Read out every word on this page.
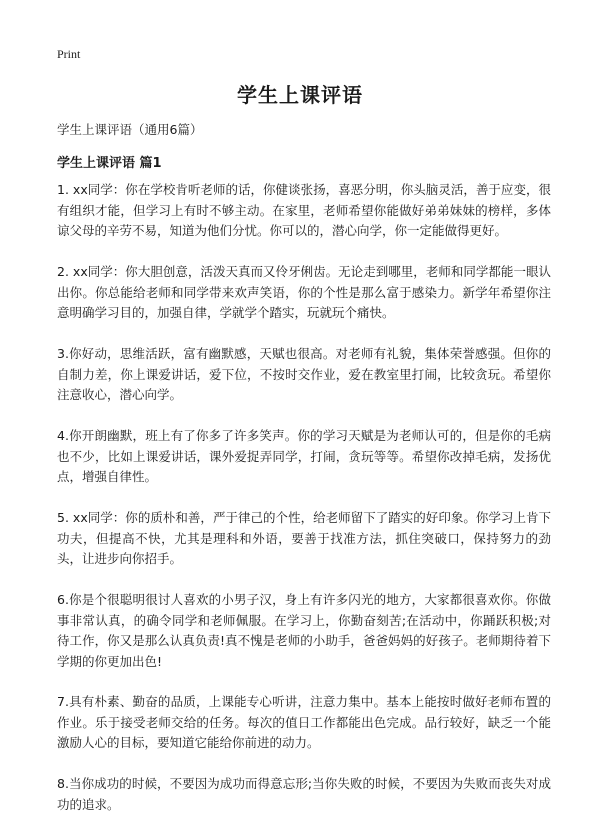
Print
学生上课评语
学生上课评语（通用6篇）
学生上课评语 篇1

1. xx同学：你在学校肯听老师的话，你健谈张扬，喜恶分明，你头脑灵活，善于应变，很有组织才能，但学习上有时不够主动。在家里，老师希望你能做好弟弟妹妹的榜样，多体谅父母的辛劳不易，知道为他们分忧。你可以的，潜心向学，你一定能做得更好。

2. xx同学：你大胆创意，活泼天真而又伶牙俐齿。无论走到哪里，老师和同学都能一眼认出你。你总能给老师和同学带来欢声笑语，你的个性是那么富于感染力。新学年希望你注意明确学习目的，加强自律，学就学个踏实，玩就玩个痛快。

3.你好动，思维活跃，富有幽默感，天赋也很高。对老师有礼貌，集体荣誉感强。但你的自制力差，你上课爱讲话，爱下位，不按时交作业，爱在教室里打闹，比较贪玩。希望你注意收心，潜心向学。

4.你开朗幽默，班上有了你多了许多笑声。你的学习天赋是为老师认可的，但是你的毛病也不少，比如上课爱讲话，课外爱捉弄同学，打闹，贪玩等等。希望你改掉毛病，发扬优点，增强自律性。

5. xx同学：你的质朴和善，严于律己的个性，给老师留下了踏实的好印象。你学习上肯下功夫，但提高不快，尤其是理科和外语，要善于找准方法，抓住突破口，保持努力的劲头，让进步向你招手。

6.你是个很聪明很讨人喜欢的小男子汉，身上有许多闪光的地方，大家都很喜欢你。你做事非常认真，的确令同学和老师佩服。在学习上，你勤奋刻苦;在活动中，你踊跃积极;对待工作，你又是那么认真负责!真不愧是老师的小助手，爸爸妈妈的好孩子。老师期待着下学期的你更加出色!

7.具有朴素、勤奋的品质，上课能专心听讲，注意力集中。基本上能按时做好老师布置的作业。乐于接受老师交给的任务。每次的值日工作都能出色完成。品行较好，缺乏一个能激励人心的目标，要知道它能给你前进的动力。

8.当你成功的时候，不要因为成功而得意忘形;当你失败的时候，不要因为失败而丧失对成功的追求。
